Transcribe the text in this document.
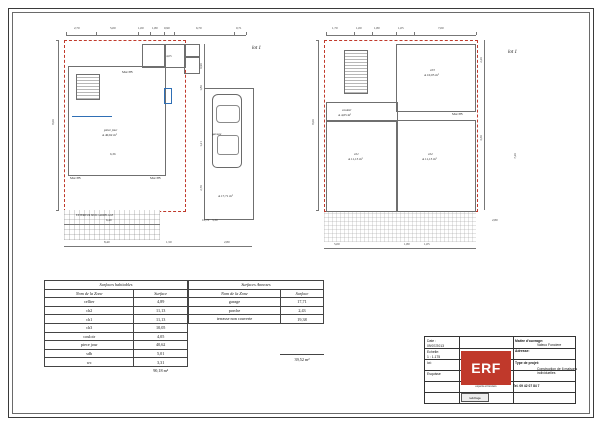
2,70	5,00	1,00	1,80 0,90	6,70	0,71
piece jour
A 40,62 m²
Mur PB
Mur PB
Mur PB
6,36
4,05
8,00
0,90
1,80
1,21
2,70
garage
A 17,71 m²
EXTERIEUR MUR CARRELAGE
6,40
8,40
10,70
1,50	2,80
3,30
lot 1
1,70	1,00	1,80	1,05	7,00
ch3
A 10,05 m²
ch2
A 11,13 m²
ch1
A 11,13 m²
couloir
A 4,05 m²	Mur PB
8,00
2,20
3,30
7,20
5,00	1,80	1,05
2,80
lot 1
Surfaces habitables	
Nom de la Zone	Surface
cellier	4,89
ch2	11,13
ch1	11,13
ch3	10,05
couloir	4,05
piece jour	40,62
sdb	5,01
wc	3,31
	90,18 m²
Surfaces Annexes	
Nom de la Zone	Surface
garage	17,71
porche	2,43
terrasse non couverte	19,38

	39,52 m²
Date :
09/07/2013
Echelle:
1 : 1.175
lot:
Esquisse	ERF
experts et fonciers
redchage
Maitre d'ouvrage:
Valeco Fonciere
Adresse:
Type de projet:
Construction de 6 maisons individuelles
Tel. 09 42 07 84 7
